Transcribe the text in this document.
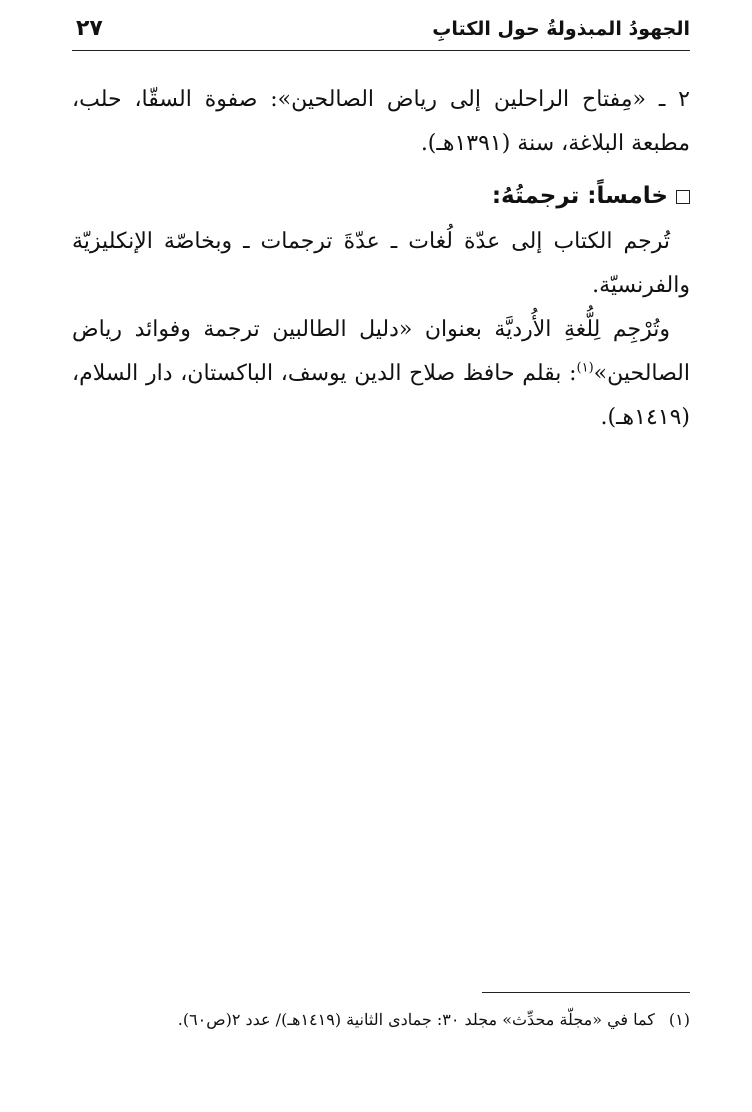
الجهودُ المبذولةُ حول الكتابِ
٢٧

٢ ـ «مِفتاح الراحلين إلى رياض الصالحين»: صفوة السقّا، حلب، مطبعة البلاغة، سنة (١٣٩١هـ).

خامساً: ترجمتُهُ:

تُرجم الكتاب إلى عدّة لُغات ـ عدّةَ ترجمات ـ وبخاصّة الإنكليزيّة والفرنسيّة.

وتُرْجِم لِلُّغةِ الأُرديَّة بعنوان «دليل الطالبين ترجمة وفوائد رياض الصالحين»$^{(١)}$: بقلم حافظ صلاح الدين يوسف، الباكستان، دار السلام، (١٤١٩هـ).

(١)كما في «مجلّة محدِّث» مجلد ٣٠: جمادى الثانية (١٤١٩هـ)/ عدد ٢(ص٦٠).
